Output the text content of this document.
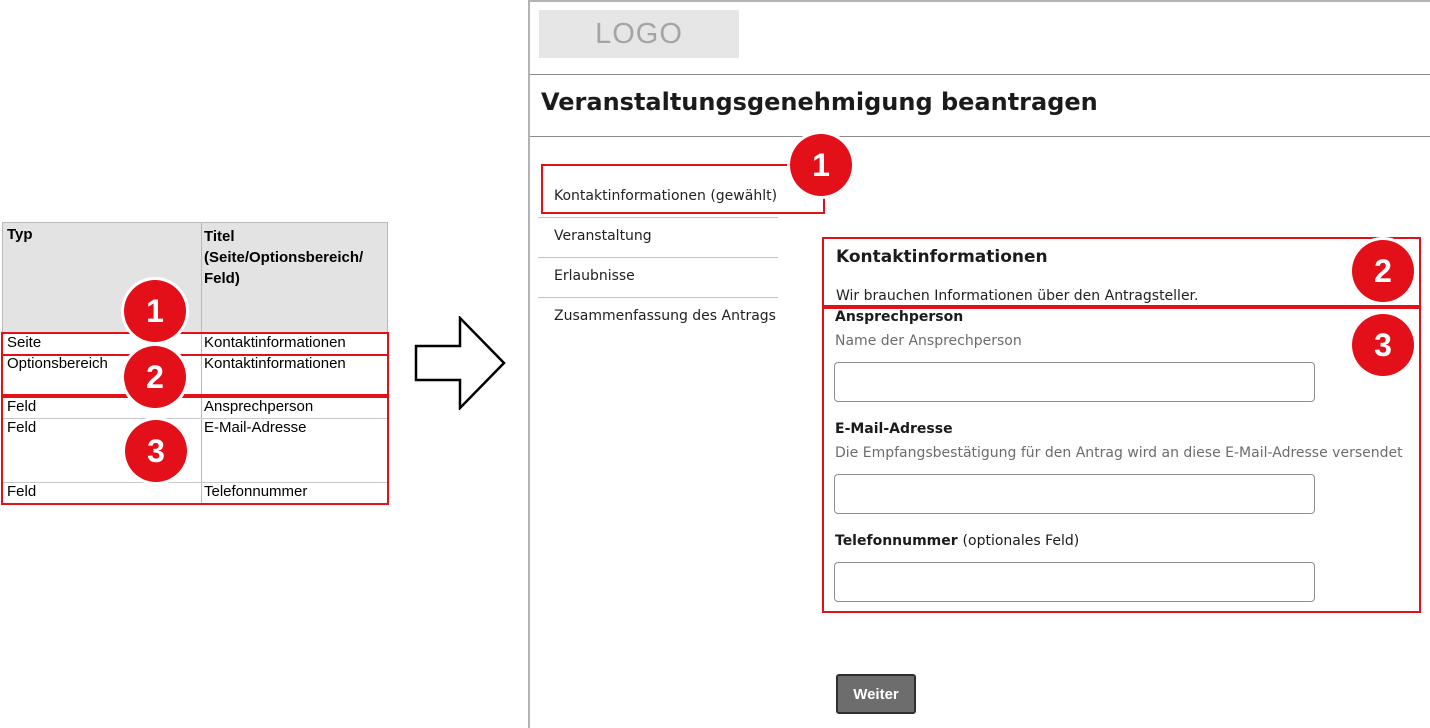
Typ	Titel (Seite/Optionsbereich/ Feld)
Seite	Kontaktinformationen
Optionsbereich	Kontaktinformationen
Feld	Ansprechperson
Feld	E-Mail-Adresse
Feld	Telefonnummer
1
2
3
LOGO
Veranstaltungsgenehmigung beantragen
Kontaktinformationen (gewählt)
Veranstaltung
Erlaubnisse
Zusammenfassung des Antrags
Kontaktinformationen
Wir brauchen Informationen über den Antragsteller.
Ansprechperson
Name der Ansprechperson
E-Mail-Adresse
Die Empfangsbestätigung für den Antrag wird an diese E-Mail-Adresse versendet
Telefonnummer (optionales Feld)
Weiter
1
2
3
